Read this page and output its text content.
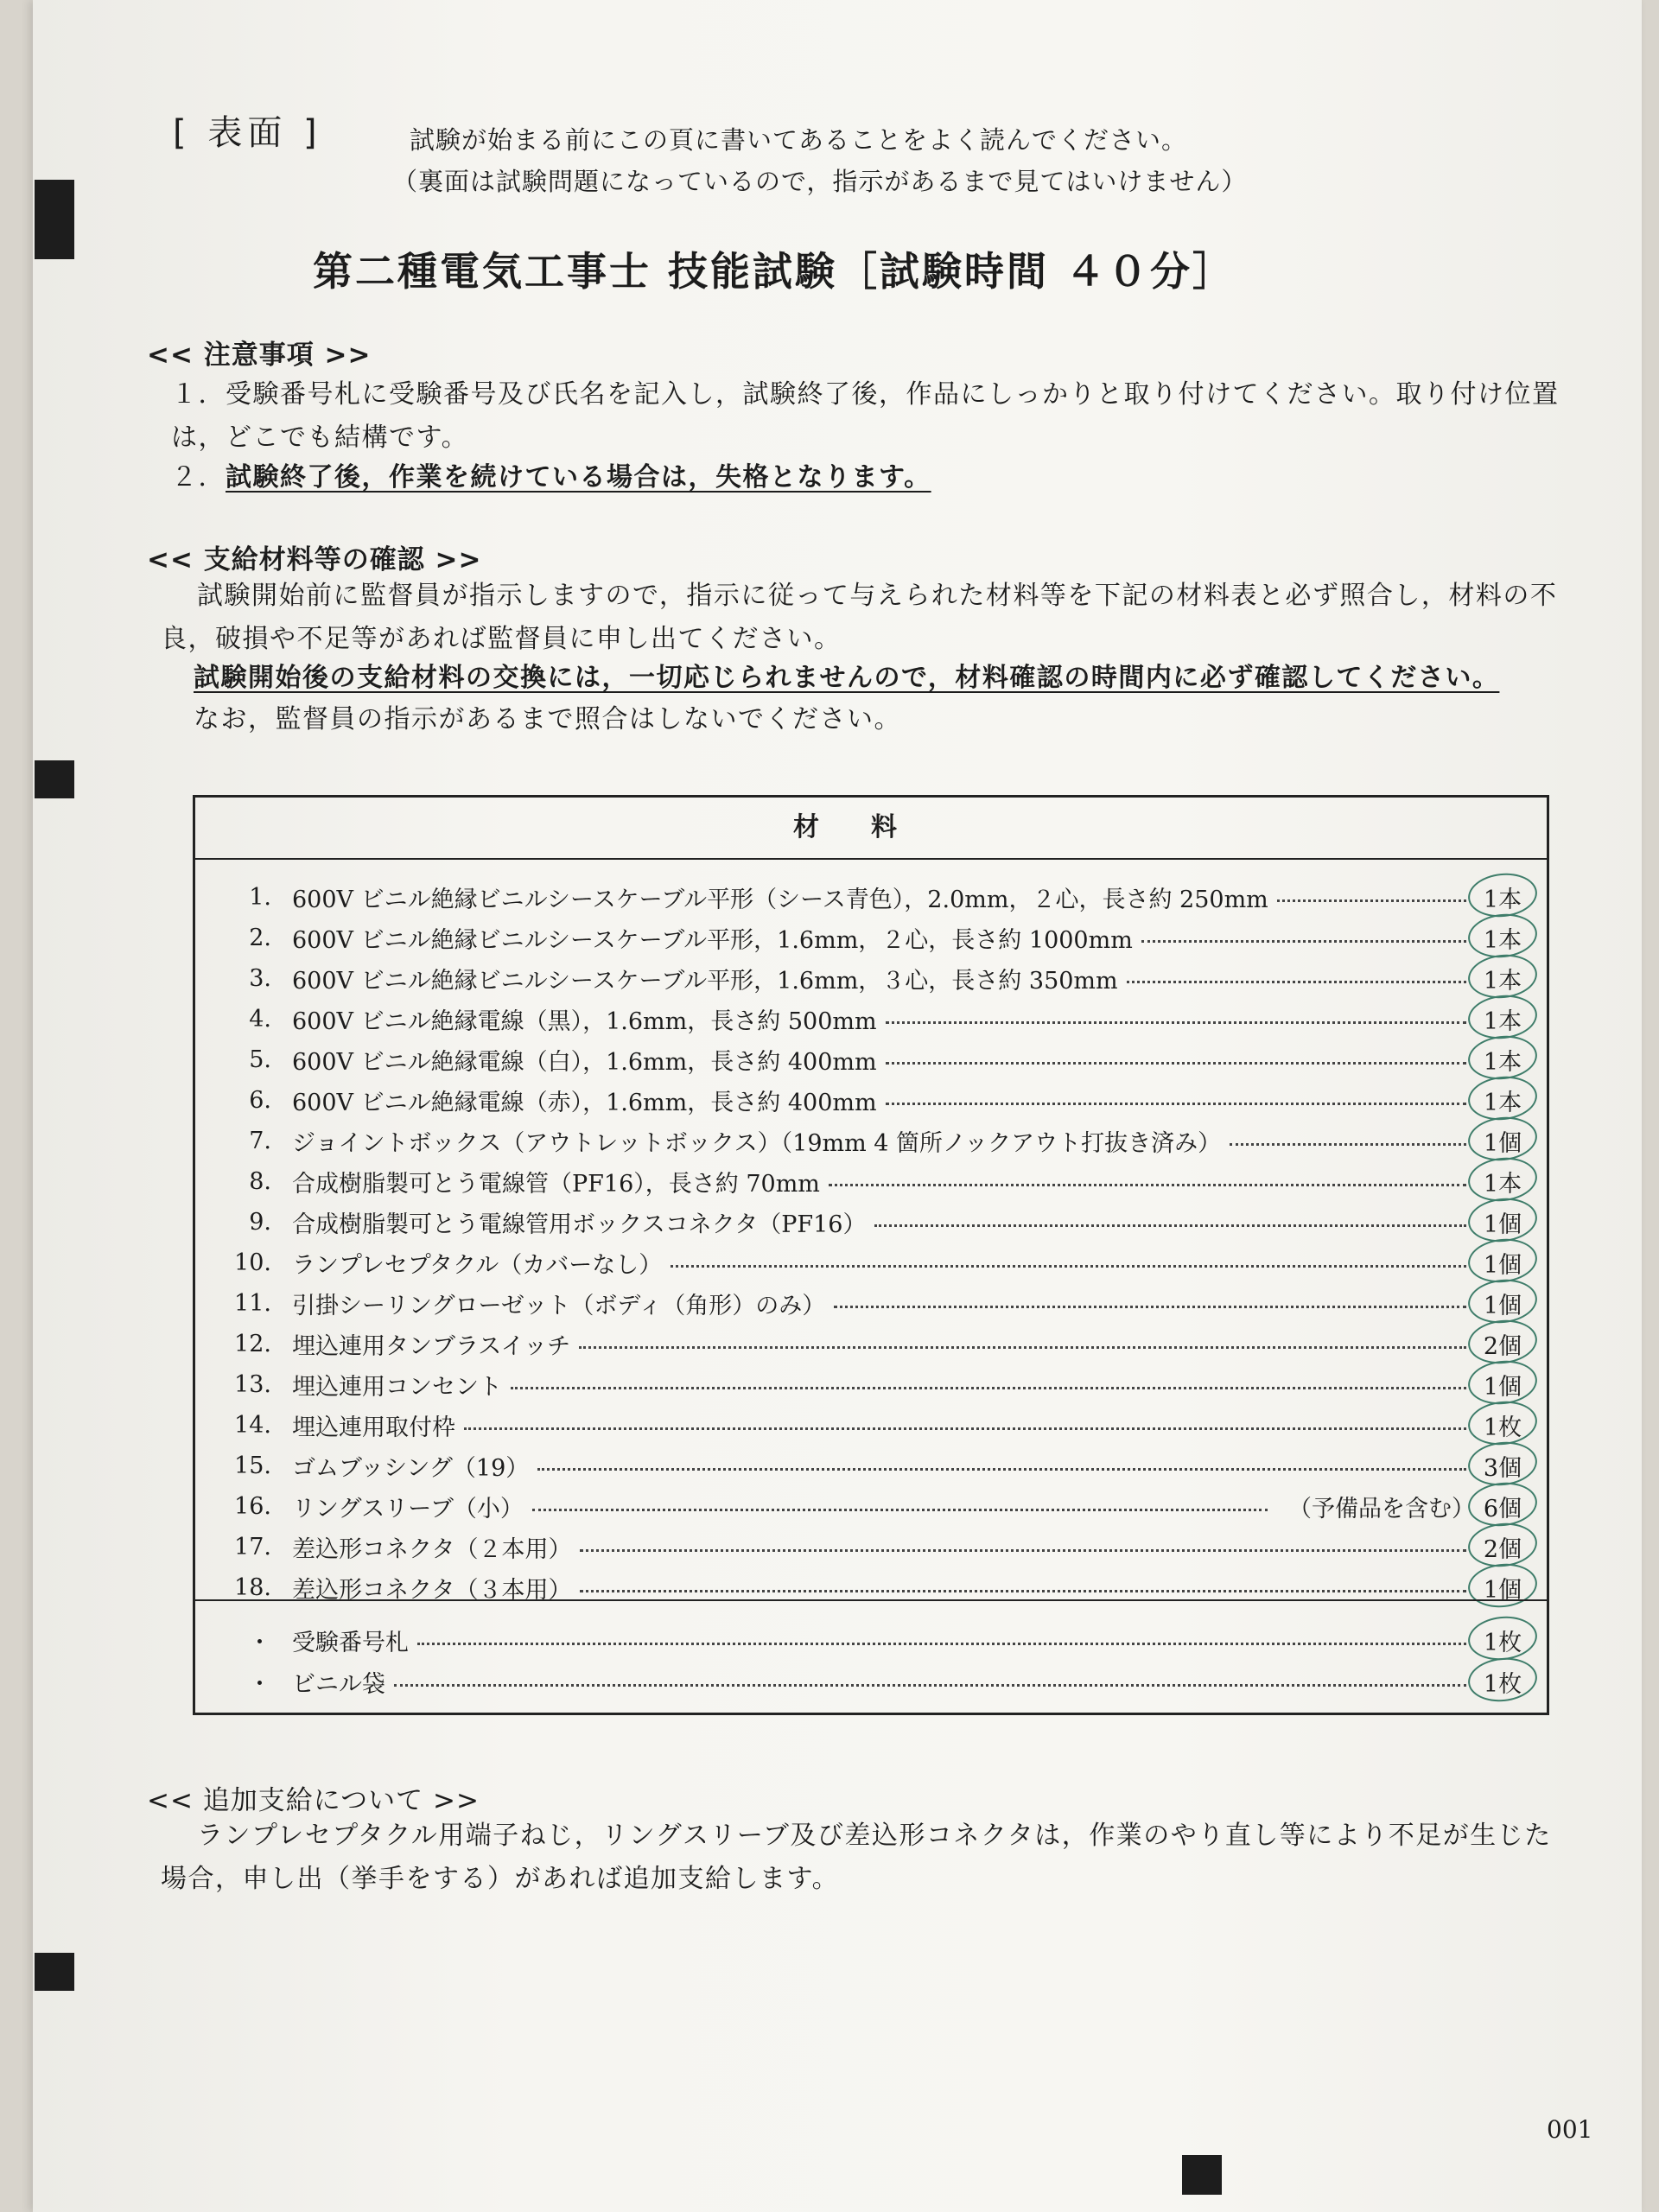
[ 表面 ]	試験が始まる前にこの頁に書いてあることをよく読んでください。
（裏面は試験問題になっているので，指示があるまで見てはいけません）
第二種電気工事士 技能試験［試験時間 ４０分］
<< 注意事項 >>
１．受験番号札に受験番号及び氏名を記入し，試験終了後，作品にしっかりと取り付けてください。取り付け位置は，どこでも結構です。
２．試験終了後，作業を続けている場合は，失格となります。
<< 支給材料等の確認 >>
試験開始前に監督員が指示しますので，指示に従って与えられた材料等を下記の材料表と必ず照合し，材料の不良，破損や不足等があれば監督員に申し出てください。
試験開始後の支給材料の交換には，一切応じられませんので，材料確認の時間内に必ず確認してください。
なお，監督員の指示があるまで照合はしないでください。
材料
1. 600V ビニル絶縁ビニルシースケーブル平形（シース青色），2.0mm，２心，長さ約 250mm	1本
2. 600V ビニル絶縁ビニルシースケーブル平形，1.6mm，２心，長さ約 1000mm	1本
3. 600V ビニル絶縁ビニルシースケーブル平形，1.6mm，３心，長さ約 350mm	1本
4. 600V ビニル絶縁電線（黒），1.6mm，長さ約 500mm	1本
5. 600V ビニル絶縁電線（白），1.6mm，長さ約 400mm	1本
6. 600V ビニル絶縁電線（赤），1.6mm，長さ約 400mm	1本
7. ジョイントボックス（アウトレットボックス）（19mm 4 箇所ノックアウト打抜き済み）	1個
8. 合成樹脂製可とう電線管（PF16），長さ約 70mm	1本
9. 合成樹脂製可とう電線管用ボックスコネクタ（PF16）	1個
10. ランプレセプタクル（カバーなし）	1個
11. 引掛シーリングローゼット（ボディ（角形）のみ）	1個
12. 埋込連用タンブラスイッチ	2個
13. 埋込連用コンセント	1個
14. 埋込連用取付枠	1枚
15. ゴムブッシング（19）	3個
16. リングスリーブ（小）	（予備品を含む） 6個
17. 差込形コネクタ（２本用）	2個
18. 差込形コネクタ（３本用）	1個
・ 受験番号札	1枚
・ ビニル袋	1枚
<< 追加支給について >>
ランプレセプタクル用端子ねじ，リングスリーブ及び差込形コネクタは，作業のやり直し等により不足が生じた場合，申し出（挙手をする）があれば追加支給します。
001
